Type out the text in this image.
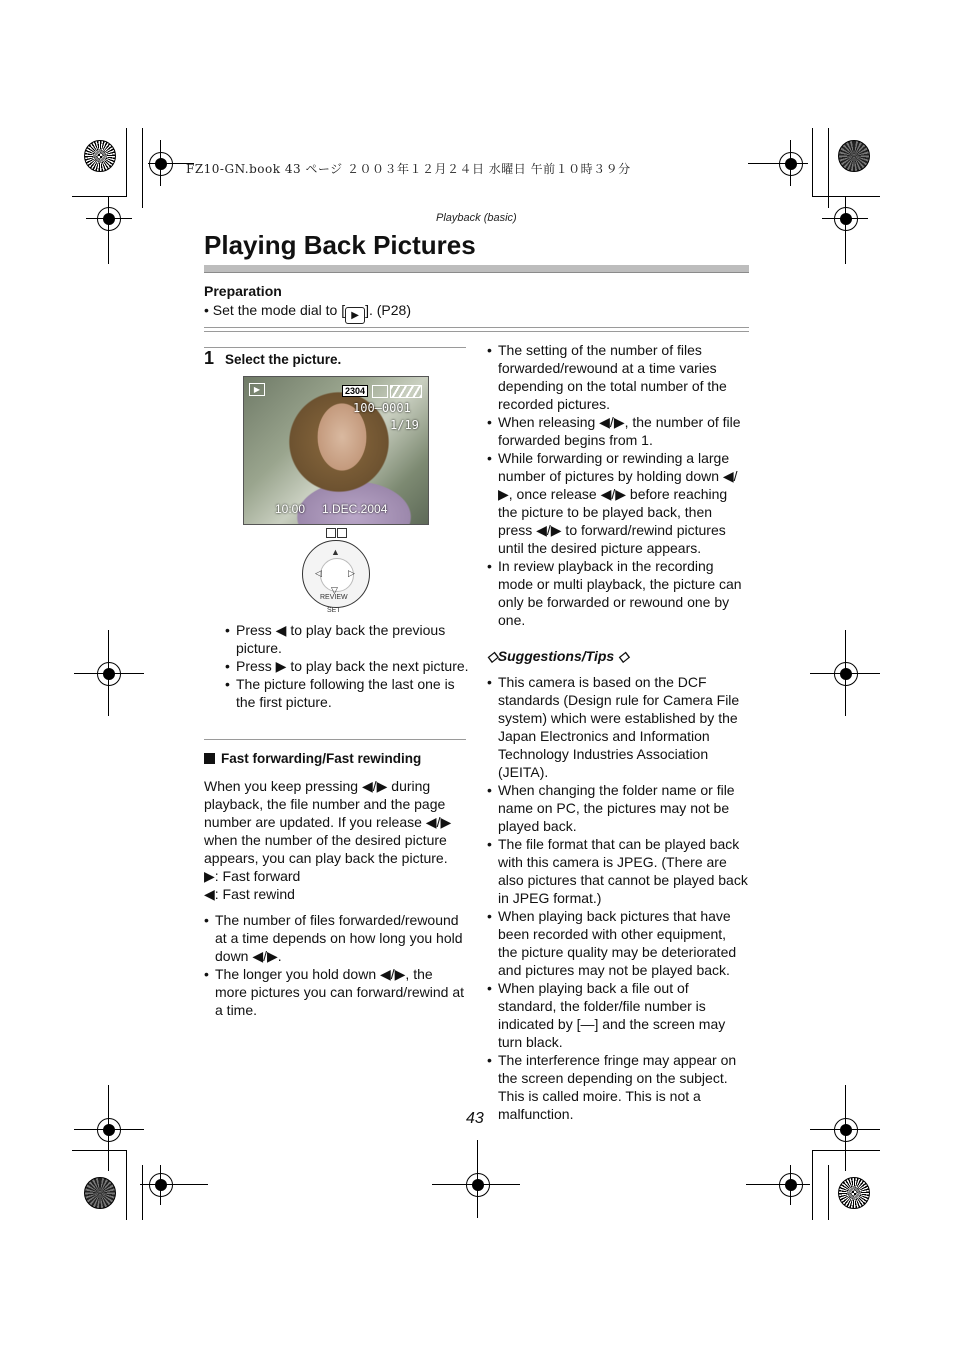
FZ10-GN.book 43 ページ ２００３年１２月２４日 水曜日 午前１０時３９分
Playback (basic)
Playing Back Pictures
Preparation
• Set the mode dial to [ ▶ ]. (P28)
1 Select the picture.
▶	2304
100–0001
1/19
10:00 1.DEC.2004
▲
▽
◁	▷
REVIEW
SET
• Press ◀ to play back the previous picture.
• Press ▶ to play back the next picture.
• The picture following the last one is the first picture.
Fast forwarding/Fast rewinding

When you keep pressing ◀/▶ during playback, the file number and the page number are updated. If you release ◀/▶ when the number of the desired picture appears, you can play back the picture.

▶: Fast forward

◀: Fast rewind

• The number of files forwarded/rewound at a time depends on how long you hold down ◀/▶.
• The longer you hold down ◀/▶, the more pictures you can forward/rewind at a time.
• The setting of the number of files forwarded/rewound at a time varies depending on the total number of the recorded pictures.
• When releasing ◀/▶, the number of file forwarded begins from 1.
• While forwarding or rewinding a large number of pictures by holding down ◀/▶, once release ◀/▶ before reaching the picture to be played back, then press ◀/▶ to forward/rewind pictures until the desired picture appears.
• In review playback in the recording mode or multi playback, the picture can only be forwarded or rewound one by one.
◇Suggestions/Tips ◇
• This camera is based on the DCF standards (Design rule for Camera File system) which were established by the Japan Electronics and Information Technology Industries Association (JEITA).
• When changing the folder name or file name on PC, the pictures may not be played back.
• The file format that can be played back with this camera is JPEG. (There are also pictures that cannot be played back in JPEG format.)
• When playing back pictures that have been recorded with other equipment, the picture quality may be deteriorated and pictures may not be played back.
• When playing back a file out of standard, the folder/file number is indicated by [—] and the screen may turn black.
• The interference fringe may appear on the screen depending on the subject. This is called moire. This is not a malfunction.
43
